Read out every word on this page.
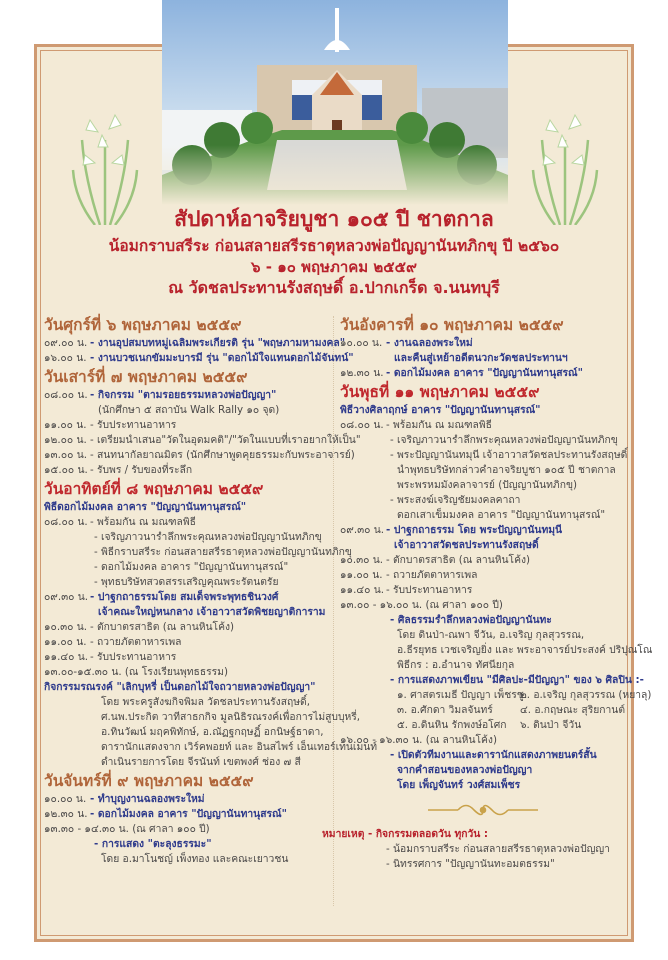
สัปดาห์อาจริยบูชา ๑๐๕ ปี ชาตกาล
น้อมกราบสรีระ ก่อนสลายสรีรธาตุหลวงพ่อปัญญานันทภิกขุ ปี ๒๕๖๐
๖ - ๑๐ พฤษภาคม ๒๕๕๙
ณ วัดชลประทานรังสฤษดิ์ อ.ปากเกร็ด จ.นนทบุรี
วันศุกร์ที่ ๖ พฤษภาคม ๒๕๕๙
๐๙.๐๐ น. - งานอุปสมบทหมู่เฉลิมพระเกียรติ รุ่น "พฤษภามหามงคล"
๑๖.๐๐ น. - งานบวชเนกขัมมะบารมี รุ่น "ดอกไม้ใจแทนดอกไม้จันทน์"
วันเสาร์ที่ ๗ พฤษภาคม ๒๕๕๙
๐๘.๐๐ น. - กิจกรรม "ตามรอยธรรมหลวงพ่อปัญญา"
(นักศึกษา ๕ สถาบัน Walk Rally ๑๐ จุด)
๑๑.๐๐ น. - รับประทานอาหาร
๑๒.๐๐ น. - เตรียมนำเสนอ"วัดในอุดมคติ"/"วัดในแบบที่เราอยากให้เป็น"
๑๓.๐๐ น. - สนทนากัลยาณมิตร (นักศึกษาพูดคุยธรรมะกับพระอาจารย์)
๑๕.๐๐ น. - รับพร / รับของที่ระลึก
วันอาทิตย์ที่ ๘ พฤษภาคม ๒๕๕๙
พิธีดอกไม้มงคล อาคาร "ปัญญานันทานุสรณ์"
๐๘.๐๐ น. - พร้อมกัน ณ มณฑลพิธี
- เจริญภาวนารำลึกพระคุณหลวงพ่อปัญญานันทภิกขุ
- พิธีกราบสรีระ ก่อนสลายสรีรธาตุหลวงพ่อปัญญานันทภิกขุ
- ดอกไม้มงคล อาคาร "ปัญญานันทานุสรณ์"
- พุทธบริษัทสวดสรรเสริญคุณพระรัตนตรัย
๐๙.๓๐ น. - ปาฐกถาธรรมโดย สมเด็จพระพุทธชินวงศ์
เจ้าคณะใหญ่หนกลาง เจ้าอาวาสวัดพิชยญาติการาม
๑๐.๓๐ น. - ตักบาตรสาธิต (ณ ลานหินโค้ง)
๑๑.๐๐ น. - ถวายภัตตาหารเพล
๑๑.๔๐ น. - รับประทานอาหาร
๑๓.๐๐-๑๕.๓๐ น. (ณ โรงเรียนพุทธธรรม)
กิจกรรมรณรงค์ "เลิกบุหรี่ เป็นดอกไม้ใจถวายหลวงพ่อปัญญา"
โดย พระครูสังฆกิจพิมล วัดชลประทานรังสฤษดิ์,
ศ.นพ.ประกิต วาทีสาธกกิจ มูลนิธิรณรงค์เพื่อการไม่สูบบุหรี่,
อ.ทินวัฒน์ มฤคพิทักษ์, อ.ณัฏฐกฤษฏิ์ อกนิษฐ์ธาดา,
ดารานักแสดงจาก เวิร์คพอยท์ และ อินสไพร์ เอ็นเทอร์เทนเมนท์
ดำเนินรายการโดย จีรนันท์ เขตพงศ์ ช่อง ๗ สี
วันจันทร์ที่ ๙ พฤษภาคม ๒๕๕๙
๑๐.๐๐ น. - ทำบุญงานฉลองพระใหม่
๑๒.๓๐ น. - ดอกไม้มงคล อาคาร "ปัญญานันทานุสรณ์"
๑๓.๓๐ - ๑๔.๓๐ น. (ณ ศาลา ๑๐๐ ปี)
- การแสดง "ตะลุงธรรมะ"
โดย อ.มาโนชญ์ เพ็งทอง และคณะเยาวชน
วันอังคารที่ ๑๐ พฤษภาคม ๒๕๕๙
๑๐.๐๐ น. - งานฉลองพระใหม่
และคืนสู่เหย้าอดีตนวกะวัดชลประทานฯ
๑๒.๓๐ น. - ดอกไม้มงคล อาคาร "ปัญญานันทานุสรณ์"
วันพุธที่ ๑๑ พฤษภาคม ๒๕๕๙
พิธีวางศิลาฤกษ์ อาคาร "ปัญญานันทานุสรณ์"
๐๘.๐๐ น. - พร้อมกัน ณ มณฑลพิธี
- เจริญภาวนารำลึกพระคุณหลวงพ่อปัญญานันทภิกขุ
- พระปัญญานันทมุนี เจ้าอาวาสวัดชลประทานรังสฤษดิ์
นำพุทธบริษัทกล่าวคำอาจริยบูชา ๑๐๕ ปี ชาตกาล
พระพรหมมังคลาจารย์ (ปัญญานันทภิกขุ)
- พระสงฆ์เจริญชัยมงคลคาถา
ดอกเสาเข็มมงคล อาคาร "ปัญญานันทานุสรณ์"
๐๙.๓๐ น. - ปาฐกถาธรรม โดย พระปัญญานันทมุนี
เจ้าอาวาสวัดชลประทานรังสฤษดิ์
๑๐.๓๐ น. - ตักบาตรสาธิต (ณ ลานหินโค้ง)
๑๑.๐๐ น. - ถวายภัตตาหารเพล
๑๑.๔๐ น. - รับประทานอาหาร
๑๓.๐๐ - ๑๖.๐๐ น. (ณ ศาลา ๑๐๐ ปี)
- ศิลธรรมรำลึกหลวงพ่อปัญญานันทะ
โดย ดินป่า-ณพา จีวัน, อ.เจริญ กุลสุวรรณ,
อ.ธีรยุทธ เวชเจริญยิ่ง และ พระอาจารย์ประสงค์ ปริปุณโณ
พิธีกร : อ.อำนาจ ทัศนียกุล
- การแสดงภาพเขียน "มีศิลปะ-มีปัญญา" ของ ๖ ศิลปิน :-
๑. ศาสตรเมธี ปัญญา เพ็ชรชู
๒. อ.เจริญ กุลสุวรรณ (หยาลุ)
๓. อ.ศักดา วิมลจันทร์	๔. อ.กฤษณะ สุริยกานต์
๕. อ.ดินหิน รักพงษ์อโศก ๖. ดินป่า จีวัน
๑๖.๐๐ - ๑๖.๓๐ น. (ณ ลานหินโค้ง)
- เปิดตัวทีมงานและดารานักแสดงภาพยนตร์สั้น
จากคำสอนของหลวงพ่อปัญญา
โดย เพ็ญจันทร์ วงศ์สมเพ็ชร
หมายเหตุ - กิจกรรมตลอดวัน ทุกวัน :
- น้อมกราบสรีระ ก่อนสลายสรีรธาตุหลวงพ่อปัญญา
- นิทรรศการ "ปัญญานันทะอมตธรรม"
